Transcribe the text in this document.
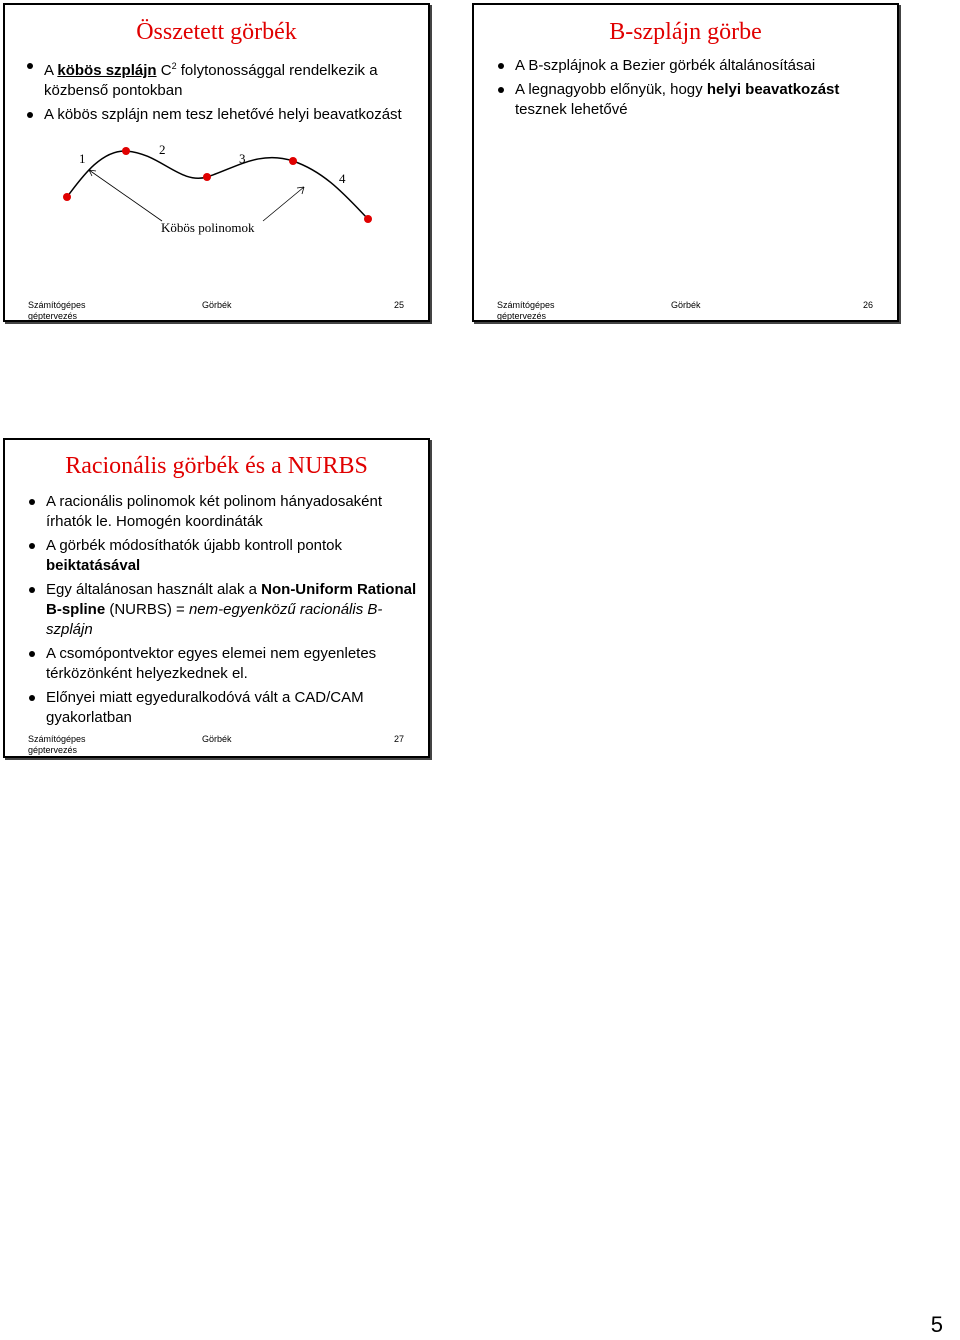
Összetett görbék
A köbös szplájn $C^2$ folytonossággal rendelkezik a közbenső pontokban
A köbös szplájn nem tesz lehetővé helyi beavatkozást
Számítógépes géptervezés
Görbék	25
B-szplájn görbe
A B-szplájnok a Bezier görbék általánosításai
A legnagyobb előnyük, hogy helyi beavatkozást tesznek lehetővé
Számítógépes géptervezés
Görbék	26
1
2
3
4
Köbös polinomok
Racionális görbék és a NURBS
A racionális polinomok két polinom hányadosaként írhatók le. Homogén koordináták
A görbék módosíthatók újabb kontroll pontok beiktatásával
Egy általánosan használt alak a Non-Uniform Rational B-spline (NURBS) = nem-egyenközű racionális B-szplájn
A csomópontvektor egyes elemei nem egyenletes térközönként helyezkednek el.
Előnyei miatt egyeduralkodóvá vált a CAD/CAM gyakorlatban
Számítógépes géptervezés
Görbék	27
5
